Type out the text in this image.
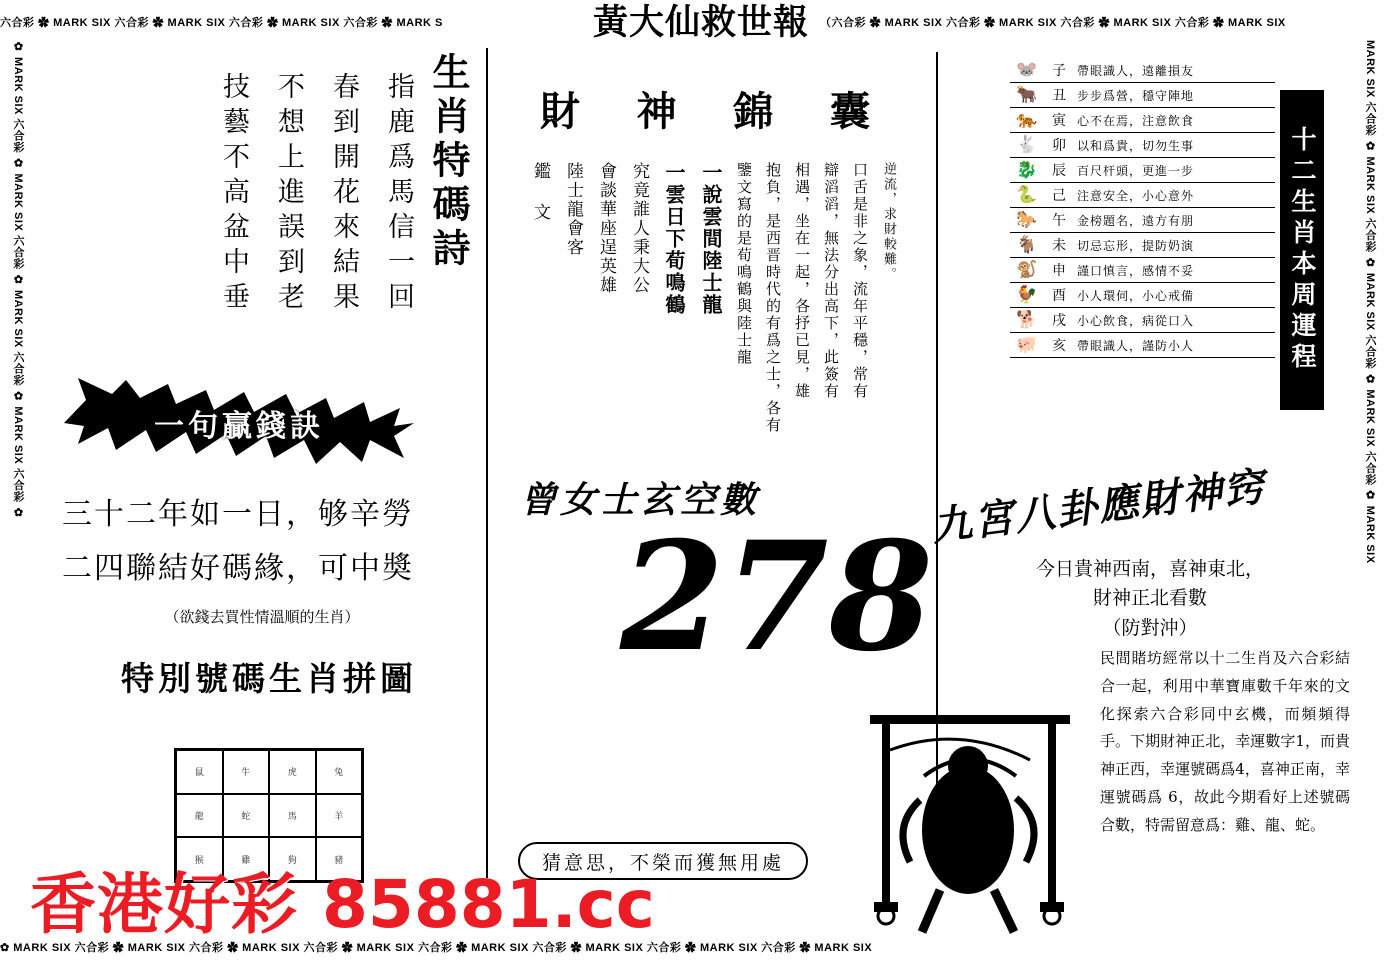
六合彩 ✿ MARK SIX 六合彩 ✿ MARK SIX 六合彩 ✿ MARK SIX 六合彩 ✿ MARK S	（六合彩 ✿ MARK SIX 六合彩 ✿ MARK SIX 六合彩 ✿ MARK SIX 六合彩 ✿ MARK SIX
黃大仙救世報
✿ MARK SIX 六合彩 ✿ MARK SIX 六合彩 ✿ MARK SIX 六合彩 ✿ MARK SIX 六合彩 ✿	MARK SIX 六合彩 ✿ MARK SIX 六合彩 ✿ MARK SIX 六合彩 ✿ MARK SIX 六合彩 ✿ MARK SIX
✿ MARK SIX 六合彩 ✿ MARK SIX 六合彩 ✿ MARK SIX 六合彩 ✿ MARK SIX 六合彩 ✿ MARK SIX 六合彩 ✿ MARK SIX 六合彩 ✿ MARK SIX 六合彩 ✿ MARK SIX
生肖特碼詩
技藝不高盆中垂 不想上進誤到老 春到開花來結果 指鹿爲馬信一回
一句贏錢訣
三十二年如一日，够辛勞
二四聯結好碼緣，可中奬
（欲錢去買性情溫順的生肖）
特別號碼生肖拼圖
鼠	牛	虎	兔
龍	蛇	馬	羊
猴	雞	狗	豬
財 神 錦 囊
逆流，求財較難。
口舌是非之象，流年平穩，常有
辯滔滔，無法分出高下，此簽有
相遇，坐在一起，各抒已見，雄
抱負，是西晋時代的有爲之士，各有
鑒文寫的是荀鳴鶴與陸士龍
一說雲間陸士龍
一雲日下荀鳴鶴
究竟誰人秉大公
會談華座逞英雄
陸士龍會客
鑑 文
曾女士玄空數
278
猜意思，不榮而獲無用處
🐭	子	帶眼識人，遠離損友
🐂	丑	步步爲營，穩守陣地
🐅	寅	心不在焉，注意飲食
🐇	卯	以和爲貴，切勿生事
🐉	辰	百尺杆頭，更進一步
🐍	己	注意安全，小心意外
🐎	午	金榜題名，遠方有朋
🐐	未	切忌忘形，提防奶演
🐒	申	謹口慎言，感情不妥
🐓	酉	小人環伺，小心戒備
🐕	戌	小心飲食，病從口入
🐖	亥	帶眼識人，謹防小人	十二生肖本周運程
九宮八卦應財神窍
今日貴神西南，喜神東北，
財神正北看數
（防對沖）
民間賭坊經常以十二生肖及六合彩結合一起，利用中華寶庫數千年來的文化探索六合彩同中玄機，而頻頻得手。下期財神正北，幸運數字1，而貴神正西，幸運號碼爲4，喜神正南，幸運號碼爲 6，故此今期看好上述號碼合數，特需留意爲：雞、龍、蛇。
香港好彩 85881.cc
